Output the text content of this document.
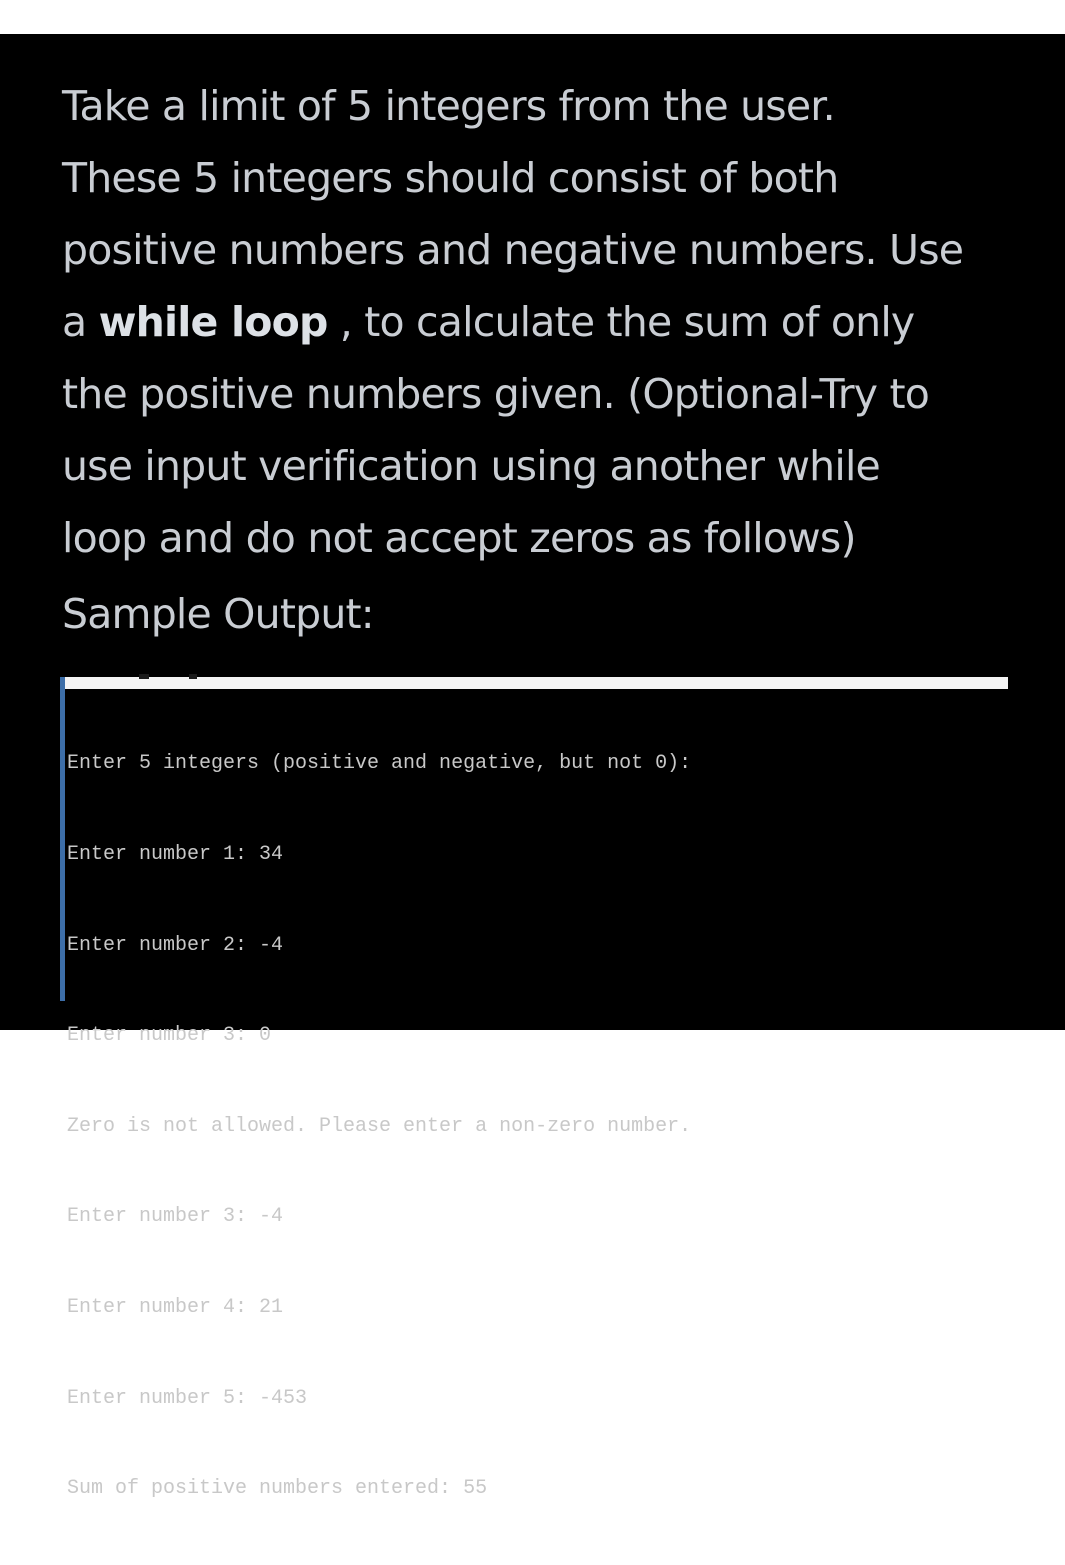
Take a limit of 5 integers from the user.
These 5 integers should consist of both
positive numbers and negative numbers. Use
a while loop , to calculate the sum of only
the positive numbers given. (Optional-Try to
use input verification using another while
loop and do not accept zeros as follows)
Sample Output:

Enter 5 integers (positive and negative, but not 0):

Enter number 1: 34

Enter number 2: -4

Enter number 3: 0

Zero is not allowed. Please enter a non-zero number.

Enter number 3: -4

Enter number 4: 21

Enter number 5: -453

Sum of positive numbers entered: 55
